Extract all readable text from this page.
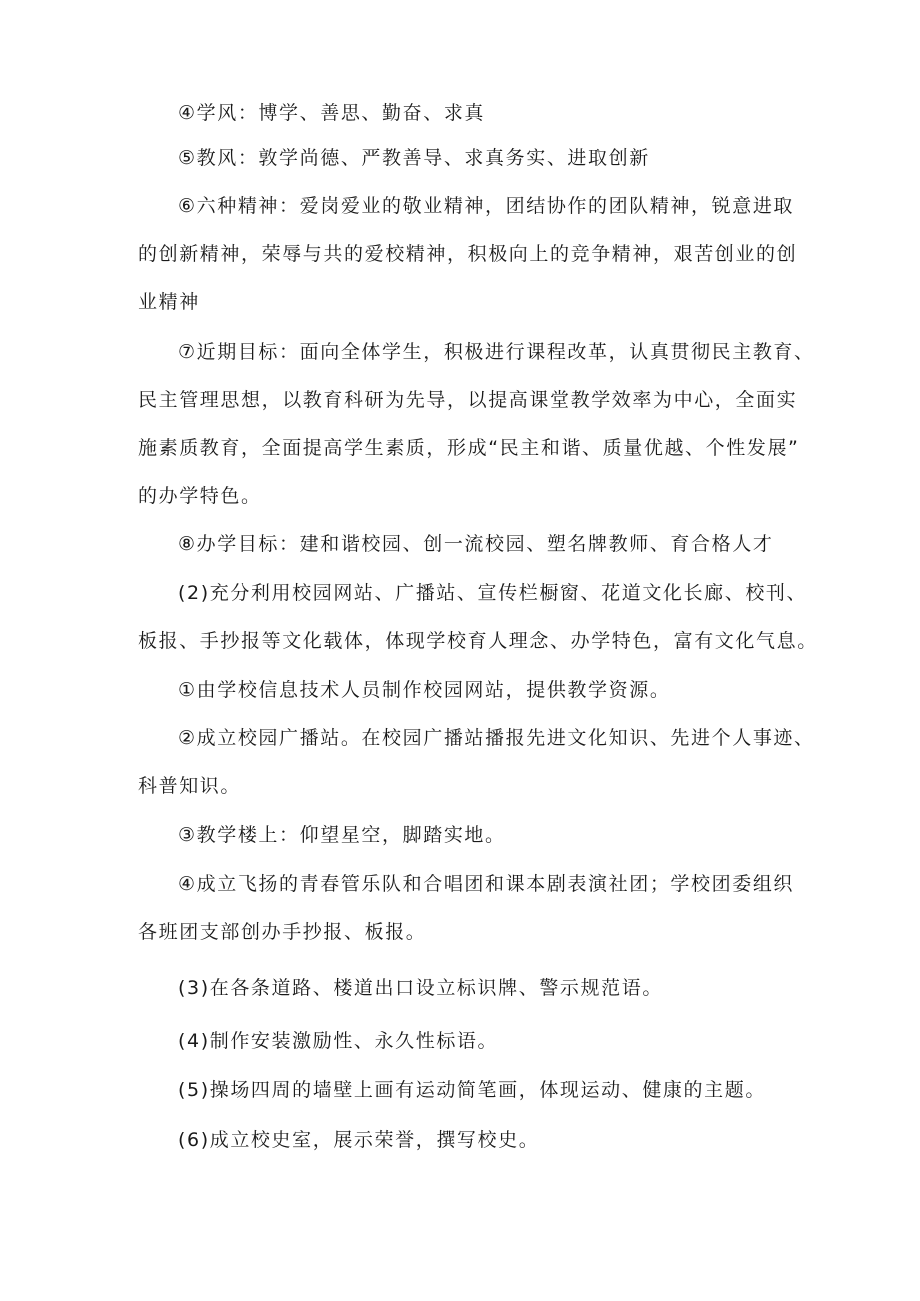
④学风：博学、善思、勤奋、求真
⑤教风：敦学尚德、严教善导、求真务实、进取创新
⑥六种精神：爱岗爱业的敬业精神，团结协作的团队精神，锐意进取
的创新精神，荣辱与共的爱校精神，积极向上的竞争精神，艰苦创业的创
业精神
⑦近期目标：面向全体学生，积极进行课程改革，认真贯彻民主教育、
民主管理思想，以教育科研为先导，以提高课堂教学效率为中心，全面实
施素质教育，全面提高学生素质，形成“民主和谐、质量优越、个性发展”
的办学特色。
⑧办学目标：建和谐校园、创一流校园、塑名牌教师、育合格人才
(2)充分利用校园网站、广播站、宣传栏橱窗、花道文化长廊、校刊、
板报、手抄报等文化载体，体现学校育人理念、办学特色，富有文化气息。
①由学校信息技术人员制作校园网站，提供教学资源。
②成立校园广播站。在校园广播站播报先进文化知识、先进个人事迹、
科普知识。
③教学楼上：仰望星空，脚踏实地。
④成立飞扬的青春管乐队和合唱团和课本剧表演社团；学校团委组织
各班团支部创办手抄报、板报。
(3)在各条道路、楼道出口设立标识牌、警示规范语。
(4)制作安装激励性、永久性标语。
(5)操场四周的墙壁上画有运动简笔画，体现运动、健康的主题。
(6)成立校史室，展示荣誉，撰写校史。
